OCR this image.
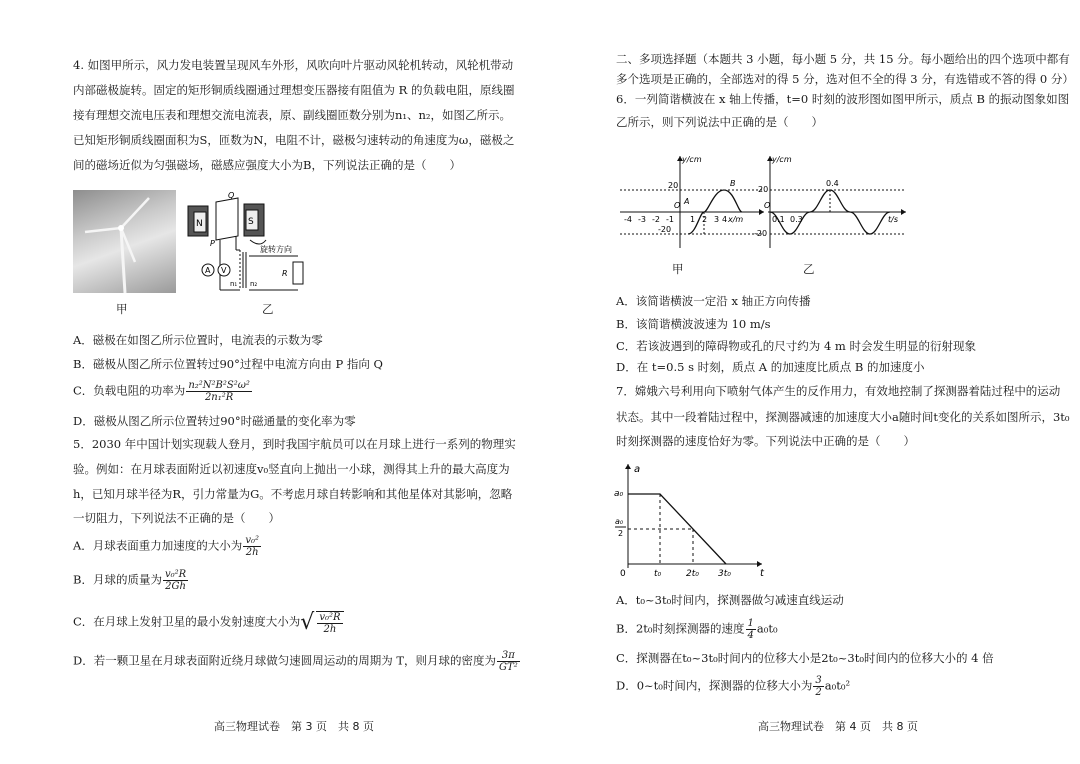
4. 如图甲所示，风力发电装置呈现风车外形，风吹向叶片驱动风轮机转动，风轮机带动
内部磁极旋转。固定的矩形铜质线圈通过理想变压器接有阻值为 R 的负载电阻，原线圈
接有理想交流电压表和理想交流电流表，原、副线圈匝数分别为n₁、n₂，如图乙所示。
已知矩形铜质线圈面积为S，匝数为N，电阻不计，磁极匀速转动的角速度为ω，磁极之
间的磁场近似为匀强磁场，磁感应强度大小为B，下列说法正确的是（　　）
甲
N	S
Q
P
旋转方向
A V
n₁ n₂
R
乙
A．磁极在如图乙所示位置时，电流表的示数为零
B．磁极从图乙所示位置转过90°过程中电流方向由 P 指向 Q
C．负载电阻的功率为 $\frac{\text{n₂²N²B²S²ω²}}{\text{2n₁²R}}$
D．磁极从图乙所示位置转过90°时磁通量的变化率为零
5．2030 年中国计划实现载人登月，到时我国宇航员可以在月球上进行一系列的物理实
验。例如：在月球表面附近以初速度v₀竖直向上抛出一小球，测得其上升的最大高度为
h，已知月球半径为R，引力常量为G。不考虑月球自转影响和其他星体对其影响，忽略
一切阻力，下列说法不正确的是（　　）
A．月球表面重力加速度的大小为 $\frac{\text{v₀²}}{2h}$
B．月球的质量为 $\frac{\text{v₀²R}}{2Gh}$
C．在月球上发射卫星的最小发射速度大小为√ $\frac{\text{v₀²R}}{2h}$
D．若一颗卫星在月球表面附近绕月球做匀速圆周运动的周期为 T，则月球的密度为 $\frac{3\pi}{\text{GT²}}$
高三物理试卷　第 3 页　共 8 页
二、多项选择题（本题共 3 小题，每小题 5 分，共 15 分。每小题给出的四个选项中都有
多个选项是正确的，全部选对的得 5 分，选对但不全的得 3 分，有选错或不答的得 0 分）
6．一列简谐横波在 x 轴上传播，t=0 时刻的波形图如图甲所示，质点 B 的振动图象如图
乙所示，则下列说法中正确的是（　　）
y/cm
x/m
20
-20
O A
B
-4 -3 -2 -1 1 2 3 4
甲
y/cm
t/s
20
-20
O
0.1 0.3
0.4
乙
A．该简谐横波一定沿 x 轴正方向传播
B．该简谐横波波速为 10 m/s
C．若该波遇到的障碍物或孔的尺寸约为 4 m 时会发生明显的衍射现象
D．在 t=0.5 s 时刻，质点 A 的加速度比质点 B 的加速度小
7．嫦娥六号利用向下喷射气体产生的反作用力，有效地控制了探测器着陆过程中的运动
状态。其中一段着陆过程中，探测器减速的加速度大小a随时间t变化的关系如图所示，3t₀
时刻探测器的速度恰好为零。下列说法中正确的是（　　）
a
t
a₀
a₀
2
0	t₀	2t₀ 3t₀
A．t₀~3t₀时间内，探测器做匀减速直线运动
B．2t₀时刻探测器的速度 $\frac{1}{4} a_0t_0$
C．探测器在t₀~3t₀时间内的位移大小是2t₀~3t₀时间内的位移大小的 4 倍
D．0~t₀时间内，探测器的位移大小为 $\frac{3}{2} a_0t_0^2$
高三物理试卷　第 4 页　共 8 页
